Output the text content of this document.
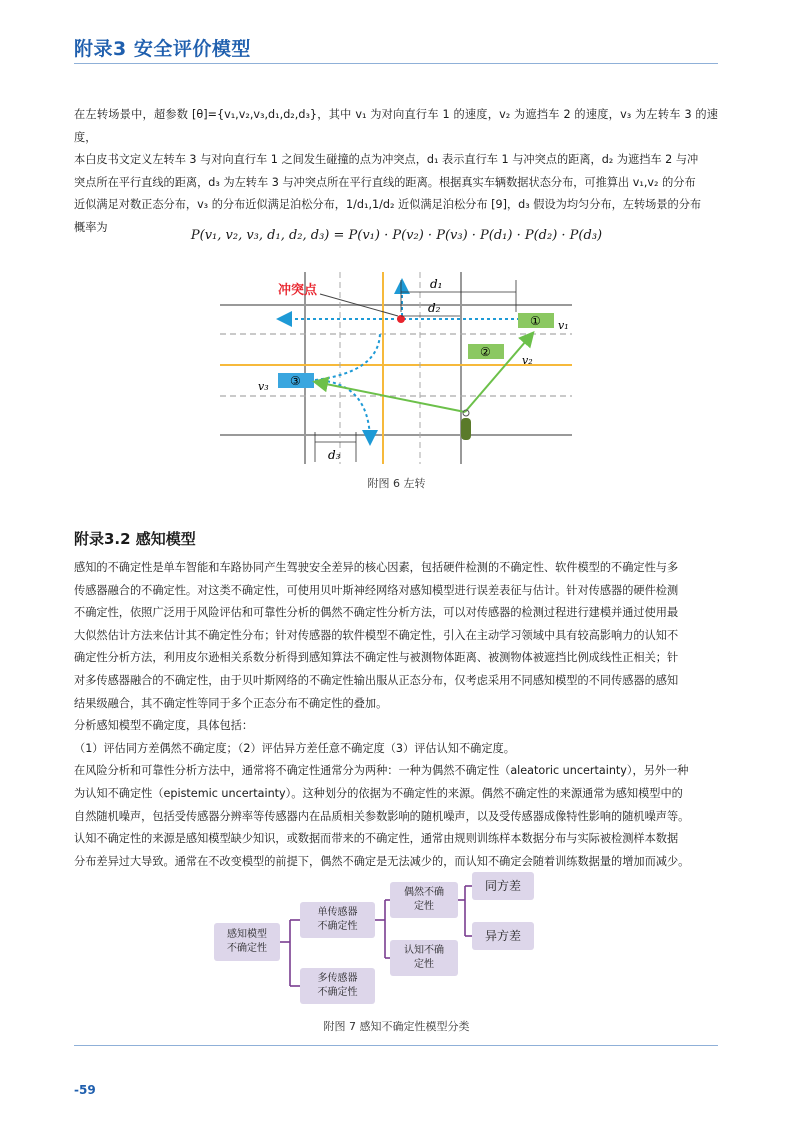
附录3 安全评价模型

在左转场景中，超参数 [θ]={v₁,v₂,v₃,d₁,d₂,d₃}，其中 v₁ 为对向直行车 1 的速度，v₂ 为遮挡车 2 的速度，v₃ 为左转车 3 的速度，

本白皮书文定义左转车 3 与对向直行车 1 之间发生碰撞的点为冲突点，d₁ 表示直行车 1 与冲突点的距离，d₂ 为遮挡车 2 与冲

突点所在平行直线的距离，d₃ 为左转车 3 与冲突点所在平行直线的距离。根据真实车辆数据状态分布，可推算出 v₁,v₂ 的分布

近似满足对数正态分布，v₃ 的分布近似满足泊松分布，1/d₁,1/d₂ 近似满足泊松分布 [9]，d₃ 假设为均匀分布，左转场景的分布

概率为

P(v₁, v₂, v₃, d₁, d₂, d₃) = P(v₁) · P(v₂) · P(v₃) · P(d₁) · P(d₂) · P(d₃)
冲突点	d₁
d₂
① v₁
②
v₂
③
v₃
d₃
附图 6 左转
附录3.2 感知模型

感知的不确定性是单车智能和车路协同产生驾驶安全差异的核心因素，包括硬件检测的不确定性、软件模型的不确定性与多

传感器融合的不确定性。对这类不确定性，可使用贝叶斯神经网络对感知模型进行误差表征与估计。针对传感器的硬件检测

不确定性，依照广泛用于风险评估和可靠性分析的偶然不确定性分析方法，可以对传感器的检测过程进行建模并通过使用最

大似然估计方法来估计其不确定性分布；针对传感器的软件模型不确定性，引入在主动学习领域中具有较高影响力的认知不

确定性分析方法，利用皮尔逊相关系数分析得到感知算法不确定性与被测物体距离、被测物体被遮挡比例成线性正相关；针

对多传感器融合的不确定性，由于贝叶斯网络的不确定性输出服从正态分布，仅考虑采用不同感知模型的不同传感器的感知

结果级融合，其不确定性等同于多个正态分布不确定性的叠加。

分析感知模型不确定度，具体包括：

（1）评估同方差偶然不确定度；（2）评估异方差任意不确定度（3）评估认知不确定度。

在风险分析和可靠性分析方法中，通常将不确定性通常分为两种：一种为偶然不确定性（aleatoric uncertainty），另外一种

为认知不确定性（epistemic uncertainty）。这种划分的依据为不确定性的来源。偶然不确定性的来源通常为感知模型中的

自然随机噪声，包括受传感器分辨率等传感器内在品质相关参数影响的随机噪声，以及受传感器成像特性影响的随机噪声等。

认知不确定性的来源是感知模型缺少知识，或数据而带来的不确定性，通常由规则训练样本数据分布与实际被检测样本数据

分布差异过大导致。通常在不改变模型的前提下，偶然不确定是无法减少的，而认知不确定会随着训练数据量的增加而减少。

感知模型
不确定性
单传感器
不确定性
多传感器
不确定性
偶然不确
定性
认知不确
定性
同方差
异方差
附图 7 感知不确定性模型分类
-59
